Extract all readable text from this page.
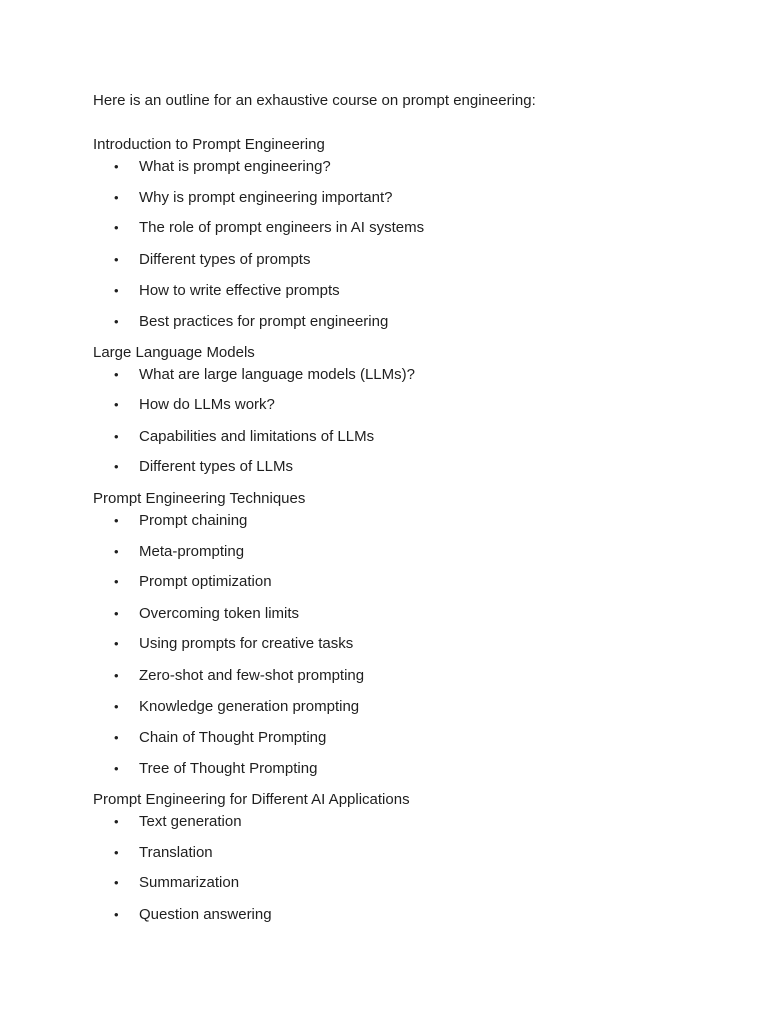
Here is an outline for an exhaustive course on prompt engineering:
Introduction to Prompt Engineering
•	What is prompt engineering?
•	Why is prompt engineering important?
•	The role of prompt engineers in AI systems
•	Different types of prompts
•	How to write effective prompts
•	Best practices for prompt engineering
Large Language Models
•	What are large language models (LLMs)?
•	How do LLMs work?
•	Capabilities and limitations of LLMs
•	Different types of LLMs
Prompt Engineering Techniques
•	Prompt chaining
•	Meta-prompting
•	Prompt optimization
•	Overcoming token limits
•	Using prompts for creative tasks
•	Zero-shot and few-shot prompting
•	Knowledge generation prompting
•	Chain of Thought Prompting
•	Tree of Thought Prompting
Prompt Engineering for Different AI Applications
•	Text generation
•	Translation
•	Summarization
•	Question answering
